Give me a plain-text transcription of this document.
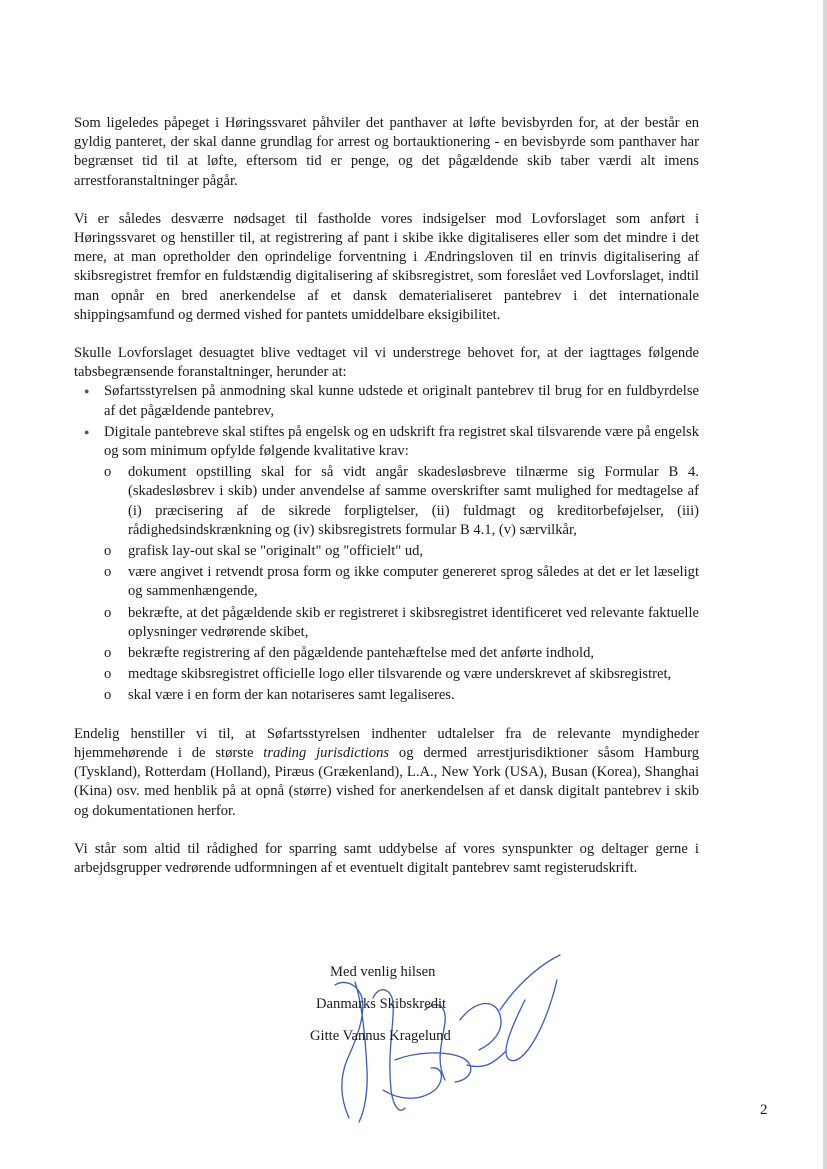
Som ligeledes påpeget i Høringssvaret påhviler det panthaver at løfte bevisbyrden for, at der består en gyldig panteret, der skal danne grundlag for arrest og bortauktionering - en bevisbyrde som panthaver har begrænset tid til at løfte, eftersom tid er penge, og det pågældende skib taber værdi alt imens arrestforanstaltninger pågår.

Vi er således desværre nødsaget til fastholde vores indsigelser mod Lovforslaget som anført i Høringssvaret og henstiller til, at registrering af pant i skibe ikke digitaliseres eller som det mindre i det mere, at man opretholder den oprindelige forventning i Ændringsloven til en trinvis digitalisering af skibsregistret fremfor en fuldstændig digitalisering af skibsregistret, som foreslået ved Lovforslaget, indtil man opnår en bred anerkendelse af et dansk dematerialiseret pantebrev i det internationale shippingsamfund og dermed vished for pantets umiddelbare eksigibilitet.

Skulle Lovforslaget desuagtet blive vedtaget vil vi understrege behovet for, at der iagttages følgende tabsbegrænsende foranstaltninger, herunder at:

● Søfartsstyrelsen på anmodning skal kunne udstede et originalt pantebrev til brug for en fuldbyrdelse af det pågældende pantebrev,
● Digitale pantebreve skal stiftes på engelsk og en udskrift fra registret skal tilsvarende være på engelsk og som minimum opfylde følgende kvalitative krav:
o dokument opstilling skal for så vidt angår skadesløsbreve tilnærme sig Formular B 4. (skadesløsbrev i skib) under anvendelse af samme overskrifter samt mulighed for medtagelse af (i) præcisering af de sikrede forpligtelser, (ii) fuldmagt og kreditorbeføjelser, (iii) rådighedsindskrænkning og (iv) skibsregistrets formular B 4.1, (v) særvilkår,
o grafisk lay-out skal se "originalt" og "officielt" ud,
o være angivet i retvendt prosa form og ikke computer genereret sprog således at det er let læseligt og sammenhængende,
o bekræfte, at det pågældende skib er registreret i skibsregistret identificeret ved relevante faktuelle oplysninger vedrørende skibet,
o bekræfte registrering af den pågældende pantehæftelse med det anførte indhold,
o medtage skibsregistret officielle logo eller tilsvarende og være underskrevet af skibsregistret,
o skal være i en form der kan notariseres samt legaliseres.

Endelig henstiller vi til, at Søfartsstyrelsen indhenter udtalelser fra de relevante myndigheder hjemmehørende i de største trading jurisdictions og dermed arrestjurisdiktioner såsom Hamburg (Tyskland), Rotterdam (Holland), Piræus (Grækenland), L.A., New York (USA), Busan (Korea), Shanghai (Kina) osv. med henblik på at opnå (større) vished for anerkendelsen af et dansk digitalt pantebrev i skib og dokumentationen herfor.

Vi står som altid til rådighed for sparring samt uddybelse af vores synspunkter og deltager gerne i arbejdsgrupper vedrørende udformningen af et eventuelt digitalt pantebrev samt registerudskrift.

Med venlig hilsen
Danmarks Skibskredit
Gitte Vannus Kragelund
2
